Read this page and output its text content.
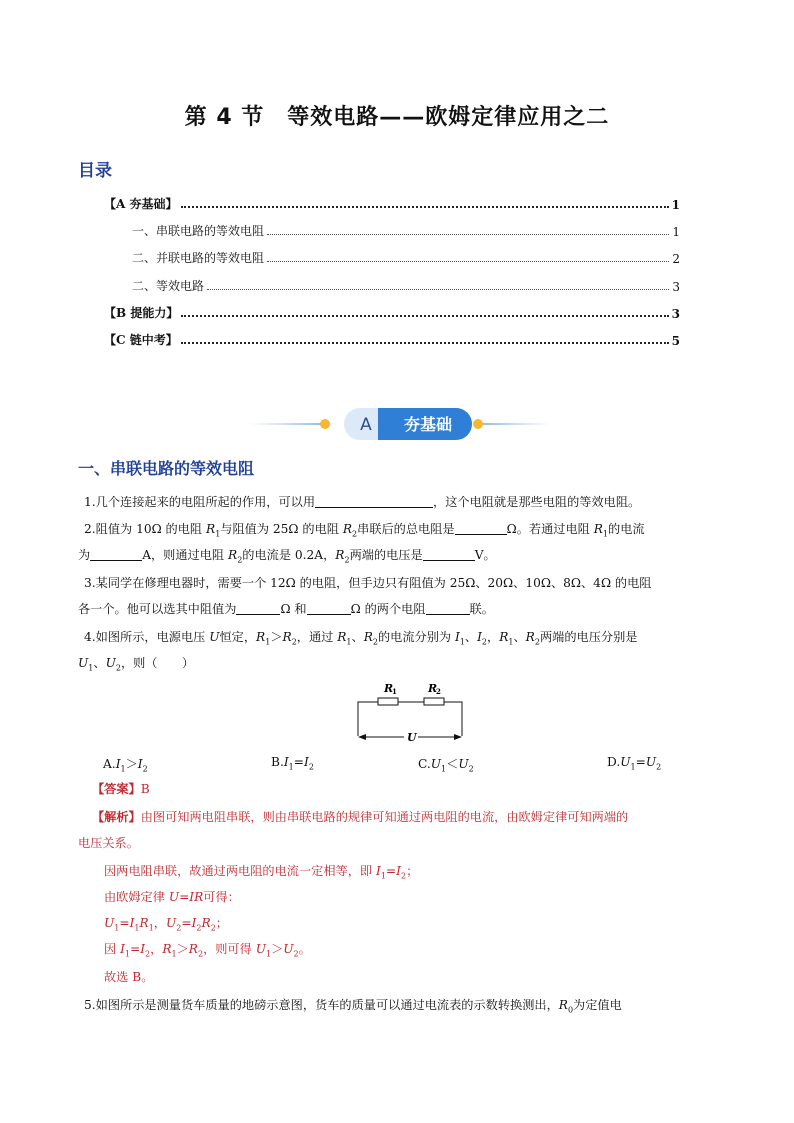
第 4 节　等效电路——欧姆定律应用之二
目录
【A 夯基础】	1
一、串联电路的等效电阻	1
二、并联电路的等效电阻	2
二、等效电路	3
【B 提能力】	3
【C 链中考】	5
A 夯基础
一、串联电路的等效电阻
1.几个连接起来的电阻所起的作用，可以用	，这个电阻就是那些电阻的等效电阻。
2.阻值为 10Ω 的电阻 $R_1$与阻值为 25Ω 的电阻 $R_2$串联后的总电阻是	Ω。若通过电阻 $R_1$的电流
为	A，则通过电阻 $R_2$的电流是 0.2A，$R_2$两端的电压是	V。
3.某同学在修理电器时，需要一个 12Ω 的电阻，但手边只有阻值为 25Ω、20Ω、10Ω、8Ω、4Ω 的电阻
各一个。他可以选其中阻值为	Ω 和	Ω 的两个电阻	联。
4.如图所示，电源电压 U恒定，$R_1>R_2$，通过 $R_1$、$R_2$的电流分别为 $I_1$、$I_2$，$R_1$、$R_2$两端的电压分别是
$U_1$、$U_2$，则（　　）
R
1	R
2
U
$A.I_1>I_2$	$B.I_1=I_2$	$C.U_1<U_2$	$D.U_1=U_2$
【答案】B
【解析】由图可知两电阻串联，则由串联电路的规律可知通过两电阻的电流，由欧姆定律可知两端的
电压关系。
因两电阻串联，故通过两电阻的电流一定相等，即 $I_1=I_2$；
由欧姆定律 U=IR可得：
$U_1=I_1R_1$，$U_2=I_2R_2$；
因 $I_1=I_2$，$R_1>R_2$，则可得 $U_1>U_2$。
故选 B。
5.如图所示是测量货车质量的地磅示意图，货车的质量可以通过电流表的示数转换测出，$R_0$为定值电
